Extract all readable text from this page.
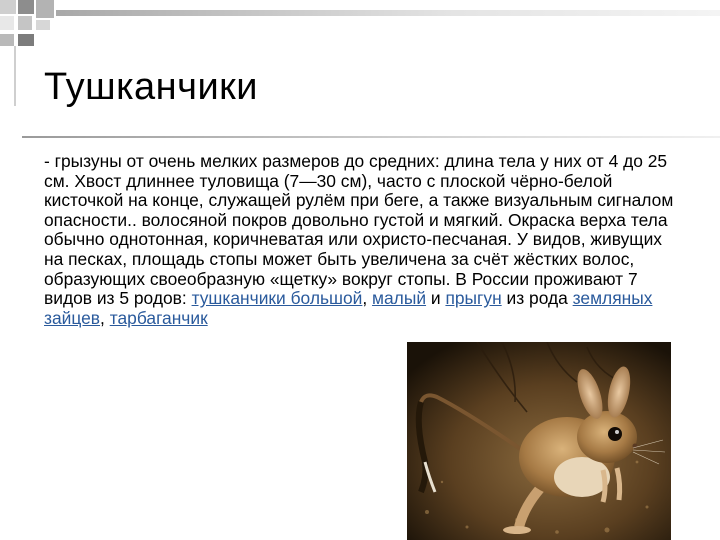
Тушканчики

- грызуны от очень мелких размеров до средних: длина тела у них от 4 до 25 см. Хвост длиннее туловища (7—30 см), часто с плоской чёрно-белой кисточкой на конце, служащей рулём при беге, а также визуальным сигналом опасности.. волосяной покров довольно густой и мягкий. Окраска верха тела обычно однотонная, коричневатая или охристо-песчаная. У видов, живущих на песках, площадь стопы может быть увеличена за счёт жёстких волос, образующих своеобразную «щетку» вокруг стопы. В России проживают 7 видов из 5 родов: тушканчики большой, малый и прыгун из рода земляных зайцев, тарбаганчик
